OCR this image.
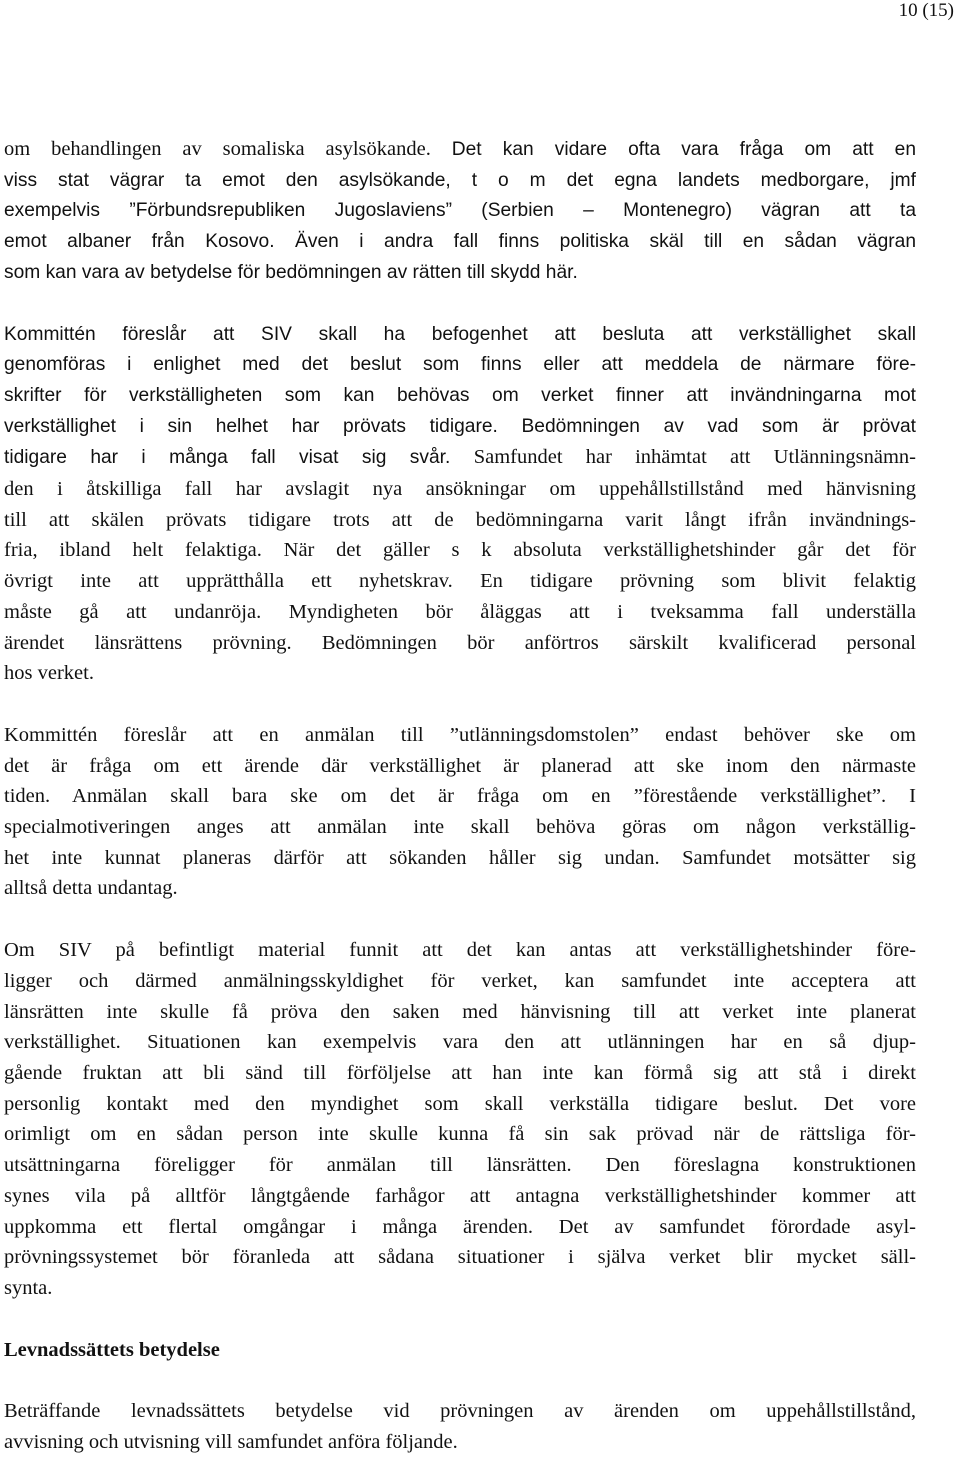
10 (15)
om behandlingen av somaliska asylsökande. Det kan vidare ofta vara fråga om att en
viss stat vägrar ta emot den asylsökande, t o m det egna landets medborgare, jmf
exempelvis ”Förbundsrepubliken Jugoslaviens” (Serbien – Montenegro) vägran att ta
emot albaner från Kosovo. Även i andra fall finns politiska skäl till en sådan vägran
som kan vara av betydelse för bedömningen av rätten till skydd här.
Kommittén föreslår att SIV skall ha befogenhet att besluta att verkställighet skall
genomföras i enlighet med det beslut som finns eller att meddela de närmare före-
skrifter för verkställigheten som kan behövas om verket finner att invändningarna mot
verkställighet i sin helhet har prövats tidigare. Bedömningen av vad som är prövat
tidigare har i många fall visat sig svår. Samfundet har inhämtat att Utlänningsnämn-
den i åtskilliga fall har avslagit nya ansökningar om uppehållstillstånd med hänvisning
till att skälen prövats tidigare trots att de bedömningarna varit långt ifrån invändnings-
fria, ibland helt felaktiga. När det gäller s k absoluta verkställighetshinder går det för
övrigt inte att upprätthålla ett nyhetskrav. En tidigare prövning som blivit felaktig
måste gå att undanröja. Myndigheten bör åläggas att i tveksamma fall underställa
ärendet länsrättens prövning. Bedömningen bör anförtros särskilt kvalificerad personal
hos verket.
Kommittén föreslår att en anmälan till ”utlänningsdomstolen” endast behöver ske om
det är fråga om ett ärende där verkställighet är planerad att ske inom den närmaste
tiden. Anmälan skall bara ske om det är fråga om en ”förestående verkställighet”. I
specialmotiveringen anges att anmälan inte skall behöva göras om någon verkställig-
het inte kunnat planeras därför att sökanden håller sig undan. Samfundet motsätter sig
alltså detta undantag.
Om SIV på befintligt material funnit att det kan antas att verkställighetshinder före-
ligger och därmed anmälningsskyldighet för verket, kan samfundet inte acceptera att
länsrätten inte skulle få pröva den saken med hänvisning till att verket inte planerat
verkställighet. Situationen kan exempelvis vara den att utlänningen har en så djup-
gående fruktan att bli sänd till förföljelse att han inte kan förmå sig att stå i direkt
personlig kontakt med den myndighet som skall verkställa tidigare beslut. Det vore
orimligt om en sådan person inte skulle kunna få sin sak prövad när de rättsliga för-
utsättningarna föreligger för anmälan till länsrätten. Den föreslagna konstruktionen
synes vila på alltför långtgående farhågor att antagna verkställighetshinder kommer att
uppkomma ett flertal omgångar i många ärenden. Det av samfundet förordade asyl-
prövningssystemet bör föranleda att sådana situationer i själva verket blir mycket säll-
synta.
Levnadssättets betydelse
Beträffande levnadssättets betydelse vid prövningen av ärenden om uppehållstillstånd,
avvisning och utvisning vill samfundet anföra följande.
